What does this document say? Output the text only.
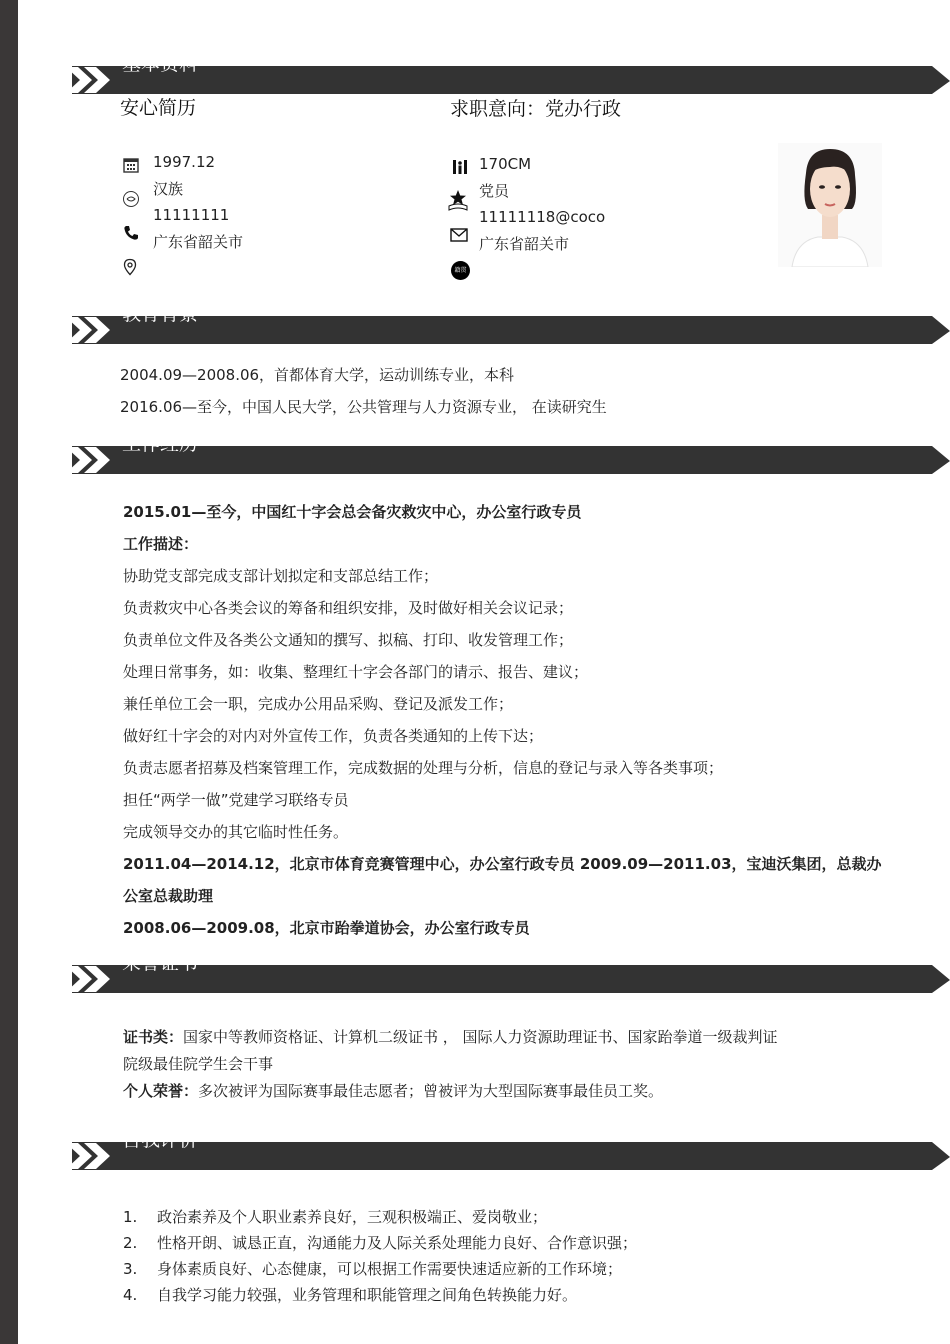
基本资料
安心简历	求职意向：党办行政
1997.12
汉族
11111111
广东省韶关市
170CM
党员
11111118@coco
广东省韶关市
籍贯
教育背景
2004.09—2008.06，首都体育大学，运动训练专业，本科
2016.06—至今，中国人民大学，公共管理与人力资源专业， 在读研究生
工作经历
2015.01—至今，中国红十字会总会备灾救灾中心，办公室行政专员
工作描述：
协助党支部完成支部计划拟定和支部总结工作；
负责救灾中心各类会议的筹备和组织安排，及时做好相关会议记录；
负责单位文件及各类公文通知的撰写、拟稿、打印、收发管理工作；
处理日常事务，如：收集、整理红十字会各部门的请示、报告、建议；
兼任单位工会一职，完成办公用品采购、登记及派发工作；
做好红十字会的对内对外宣传工作，负责各类通知的上传下达；
负责志愿者招募及档案管理工作，完成数据的处理与分析，信息的登记与录入等各类事项；
担任“两学一做”党建学习联络专员
完成领导交办的其它临时性任务。
2011.04—2014.12，北京市体育竞赛管理中心，办公室行政专员 2009.09—2011.03，宝迪沃集团，总裁办公室总裁助理
2008.06—2009.08，北京市跆拳道协会，办公室行政专员
荣誉证书
证书类：国家中等教师资格证、计算机二级证书 ， 国际人力资源助理证书、国家跆拳道一级裁判证
院级最佳院学生会干事
个人荣誉：多次被评为国际赛事最佳志愿者；曾被评为大型国际赛事最佳员工奖。
自我评价
1. 政治素养及个人职业素养良好，三观积极端正、爱岗敬业；
2. 性格开朗、诚恳正直，沟通能力及人际关系处理能力良好、合作意识强；
3. 身体素质良好、心态健康，可以根据工作需要快速适应新的工作环境；
4. 自我学习能力较强，业务管理和职能管理之间角色转换能力好。
